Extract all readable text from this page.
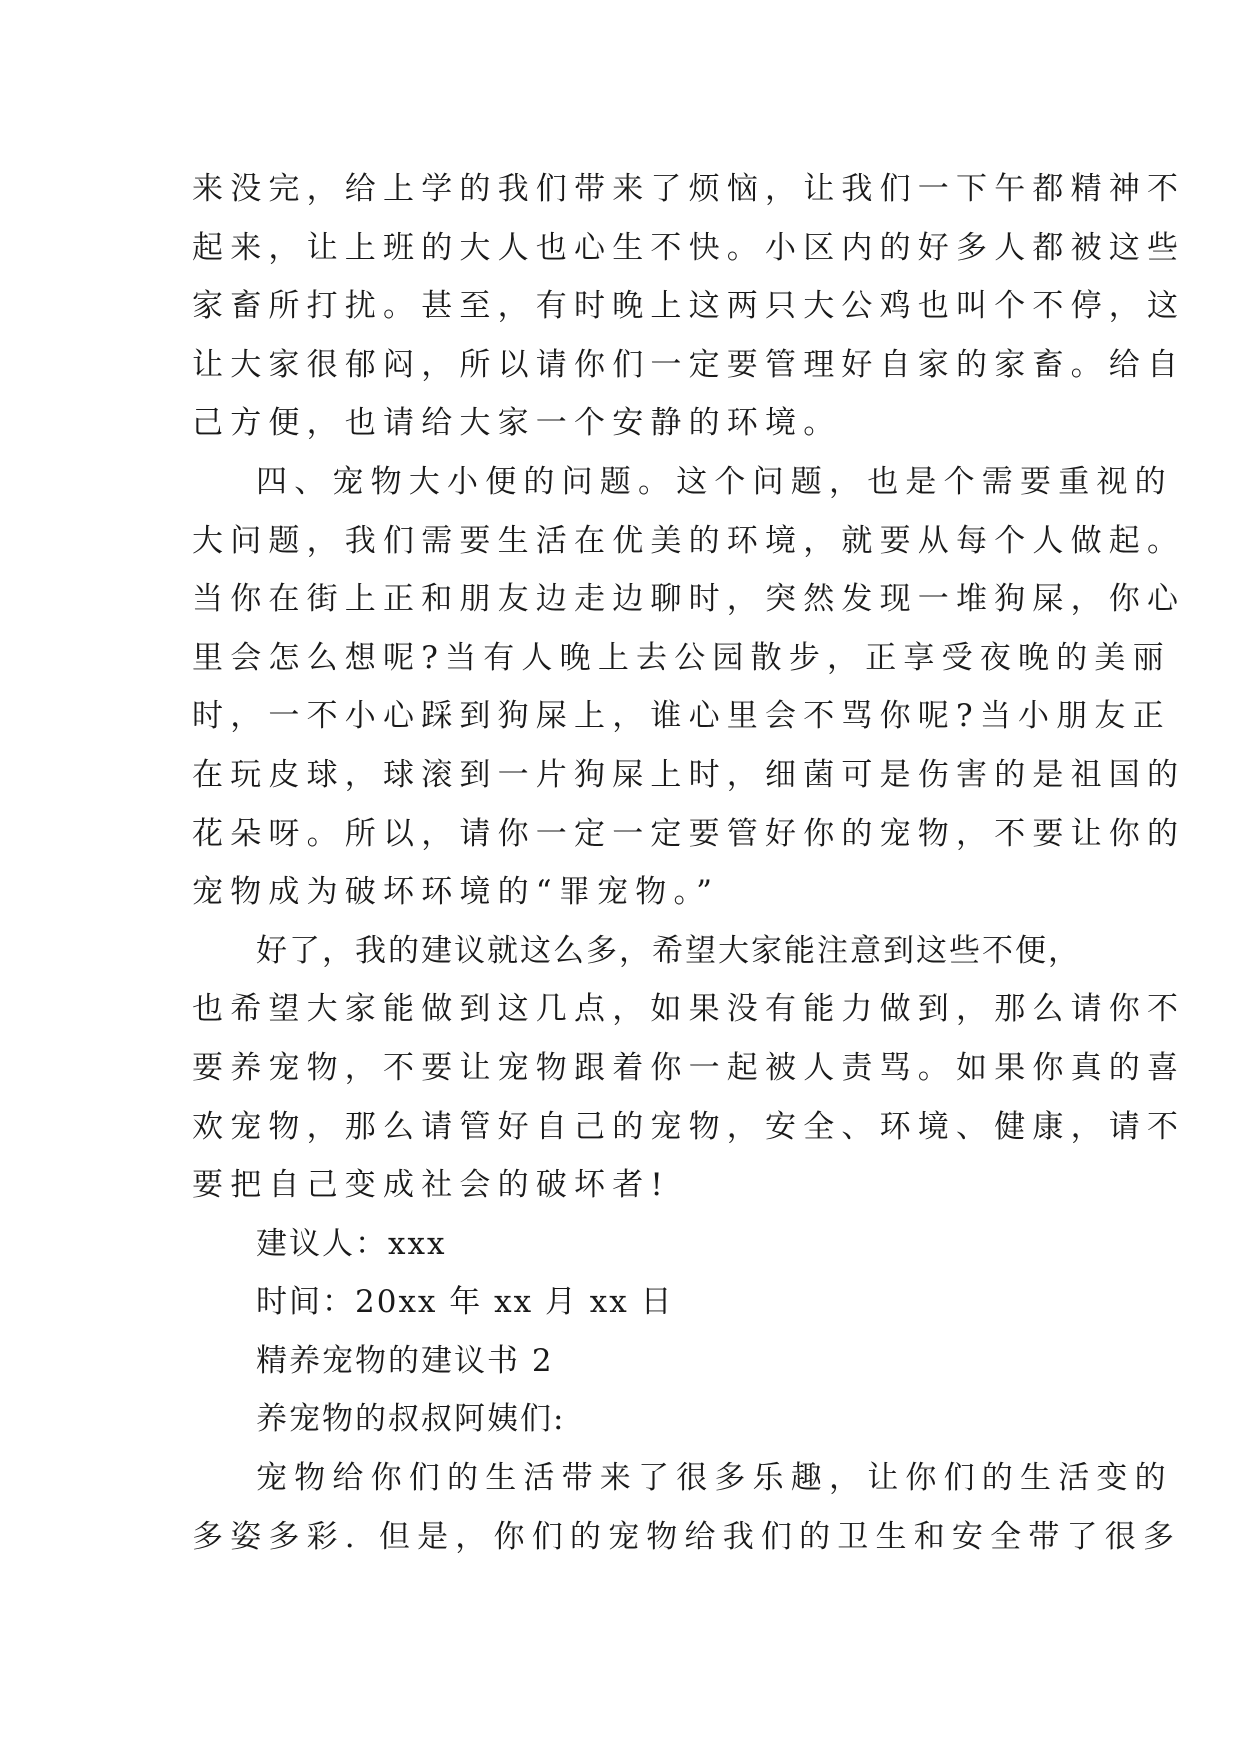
来没完，给上学的我们带来了烦恼，让我们一下午都精神不
起来，让上班的大人也心生不快。小区内的好多人都被这些
家畜所打扰。甚至，有时晚上这两只大公鸡也叫个不停，这
让大家很郁闷，所以请你们一定要管理好自家的家畜。给自
己方便，也请给大家一个安静的环境。
四、宠物大小便的问题。这个问题，也是个需要重视的
大问题，我们需要生活在优美的环境，就要从每个人做起。
当你在街上正和朋友边走边聊时，突然发现一堆狗屎，你心
里会怎么想呢?当有人晚上去公园散步，正享受夜晚的美丽
时，一不小心踩到狗屎上，谁心里会不骂你呢?当小朋友正
在玩皮球，球滚到一片狗屎上时，细菌可是伤害的是祖国的
花朵呀。所以，请你一定一定要管好你的宠物，不要让你的
宠物成为破坏环境的“罪宠物。”
好了，我的建议就这么多，希望大家能注意到这些不便，
也希望大家能做到这几点，如果没有能力做到，那么请你不
要养宠物，不要让宠物跟着你一起被人责骂。如果你真的喜
欢宠物，那么请管好自己的宠物，安全、环境、健康，请不
要把自己变成社会的破坏者!
建议人：xxx
时间：20xx 年 xx 月 xx 日
精养宠物的建议书 2
养宠物的叔叔阿姨们:
宠物给你们的生活带来了很多乐趣，让你们的生活变的
多姿多彩. 但是，你们的宠物给我们的卫生和安全带了很多
